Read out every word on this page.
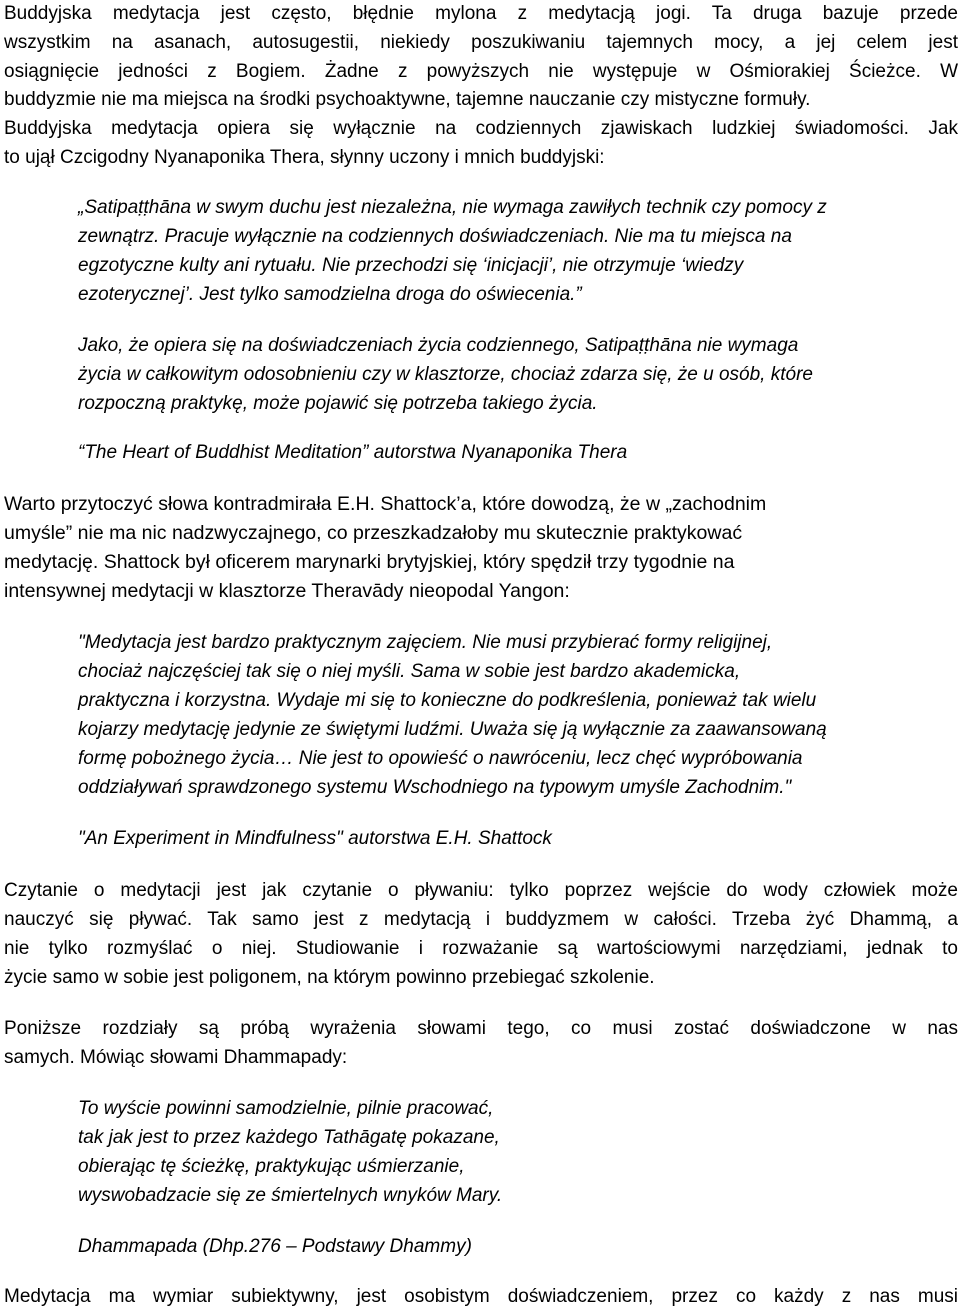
Buddyjska medytacja jest często, błędnie mylona z medytacją jogi. Ta druga bazuje przede
wszystkim na asanach, autosugestii, niekiedy poszukiwaniu tajemnych mocy, a jej celem jest
osiągnięcie jedności z Bogiem. Żadne z powyższych nie występuje w Ośmiorakiej Ścieżce. W
buddyzmie nie ma miejsca na środki psychoaktywne, tajemne nauczanie czy mistyczne formuły.
Buddyjska medytacja opiera się wyłącznie na codziennych zjawiskach ludzkiej świadomości. Jak
to ujął Czcigodny Nyanaponika Thera, słynny uczony i mnich buddyjski:
„Satipaṭṭhāna w swym duchu jest niezależna, nie wymaga zawiłych technik czy pomocy z
zewnątrz. Pracuje wyłącznie na codziennych doświadczeniach. Nie ma tu miejsca na
egzotyczne kulty ani rytuału. Nie przechodzi się ‘inicjacji’, nie otrzymuje ‘wiedzy
ezoterycznej’. Jest tylko samodzielna droga do oświecenia.”
Jako, że opiera się na doświadczeniach życia codziennego, Satipaṭṭhāna nie wymaga
życia w całkowitym odosobnieniu czy w klasztorze, chociaż zdarza się, że u osób, które
rozpoczną praktykę, może pojawić się potrzeba takiego życia.
“The Heart of Buddhist Meditation” autorstwa Nyanaponika Thera
Warto przytoczyć słowa kontradmirała E.H. Shattock’a, które dowodzą, że w „zachodnim
umyśle” nie ma nic nadzwyczajnego, co przeszkadzałoby mu skutecznie praktykować
medytację. Shattock był oficerem marynarki brytyjskiej, który spędził trzy tygodnie na
intensywnej medytacji w klasztorze Theravādy nieopodal Yangon:
"Medytacja jest bardzo praktycznym zajęciem. Nie musi przybierać formy religijnej,
chociaż najczęściej tak się o niej myśli. Sama w sobie jest bardzo akademicka,
praktyczna i korzystna. Wydaje mi się to konieczne do podkreślenia, ponieważ tak wielu
kojarzy medytację jedynie ze świętymi ludźmi. Uważa się ją wyłącznie za zaawansowaną
formę pobożnego życia… Nie jest to opowieść o nawróceniu, lecz chęć wypróbowania
oddziaływań sprawdzonego systemu Wschodniego na typowym umyśle Zachodnim."
"An Experiment in Mindfulness" autorstwa E.H. Shattock
Czytanie o medytacji jest jak czytanie o pływaniu: tylko poprzez wejście do wody człowiek może
nauczyć się pływać. Tak samo jest z medytacją i buddyzmem w całości. Trzeba żyć Dhammą, a
nie tylko rozmyślać o niej. Studiowanie i rozważanie są wartościowymi narzędziami, jednak to
życie samo w sobie jest poligonem, na którym powinno przebiegać szkolenie.
Poniższe rozdziały są próbą wyrażenia słowami tego, co musi zostać doświadczone w nas
samych. Mówiąc słowami Dhammapady:
To wyście powinni samodzielnie, pilnie pracować,
tak jak jest to przez każdego Tathāgatę pokazane,
obierając tę ścieżkę, praktykując uśmierzanie,
wyswobadzacie się ze śmiertelnych wnyków Mary.
Dhammapada (Dhp.276 – Podstawy Dhammy)
Medytacja ma wymiar subiektywny, jest osobistym doświadczeniem, przez co każdy z nas musi
